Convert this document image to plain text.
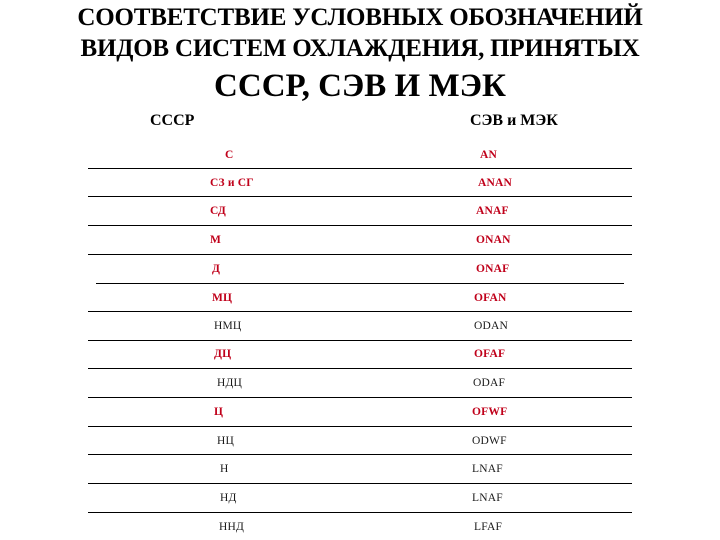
СООТВЕТСТВИЕ УСЛОВНЫХ ОБОЗНАЧЕНИЙ
ВИДОВ СИСТЕМ ОХЛАЖДЕНИЯ, ПРИНЯТЫХ
СССР, СЭВ И МЭК
СССР	СЭВ и МЭК
С	AN
СЗ и СГ	ANAN
СД	ANAF
М	ONAN
Д	ONAF
МЦ	OFAN
НМЦ	ODAN
ДЦ	OFAF
НДЦ	ODAF
Ц	OFWF
НЦ	ODWF
Н	LNAF
НД	LNAF
ННД	LFAF
